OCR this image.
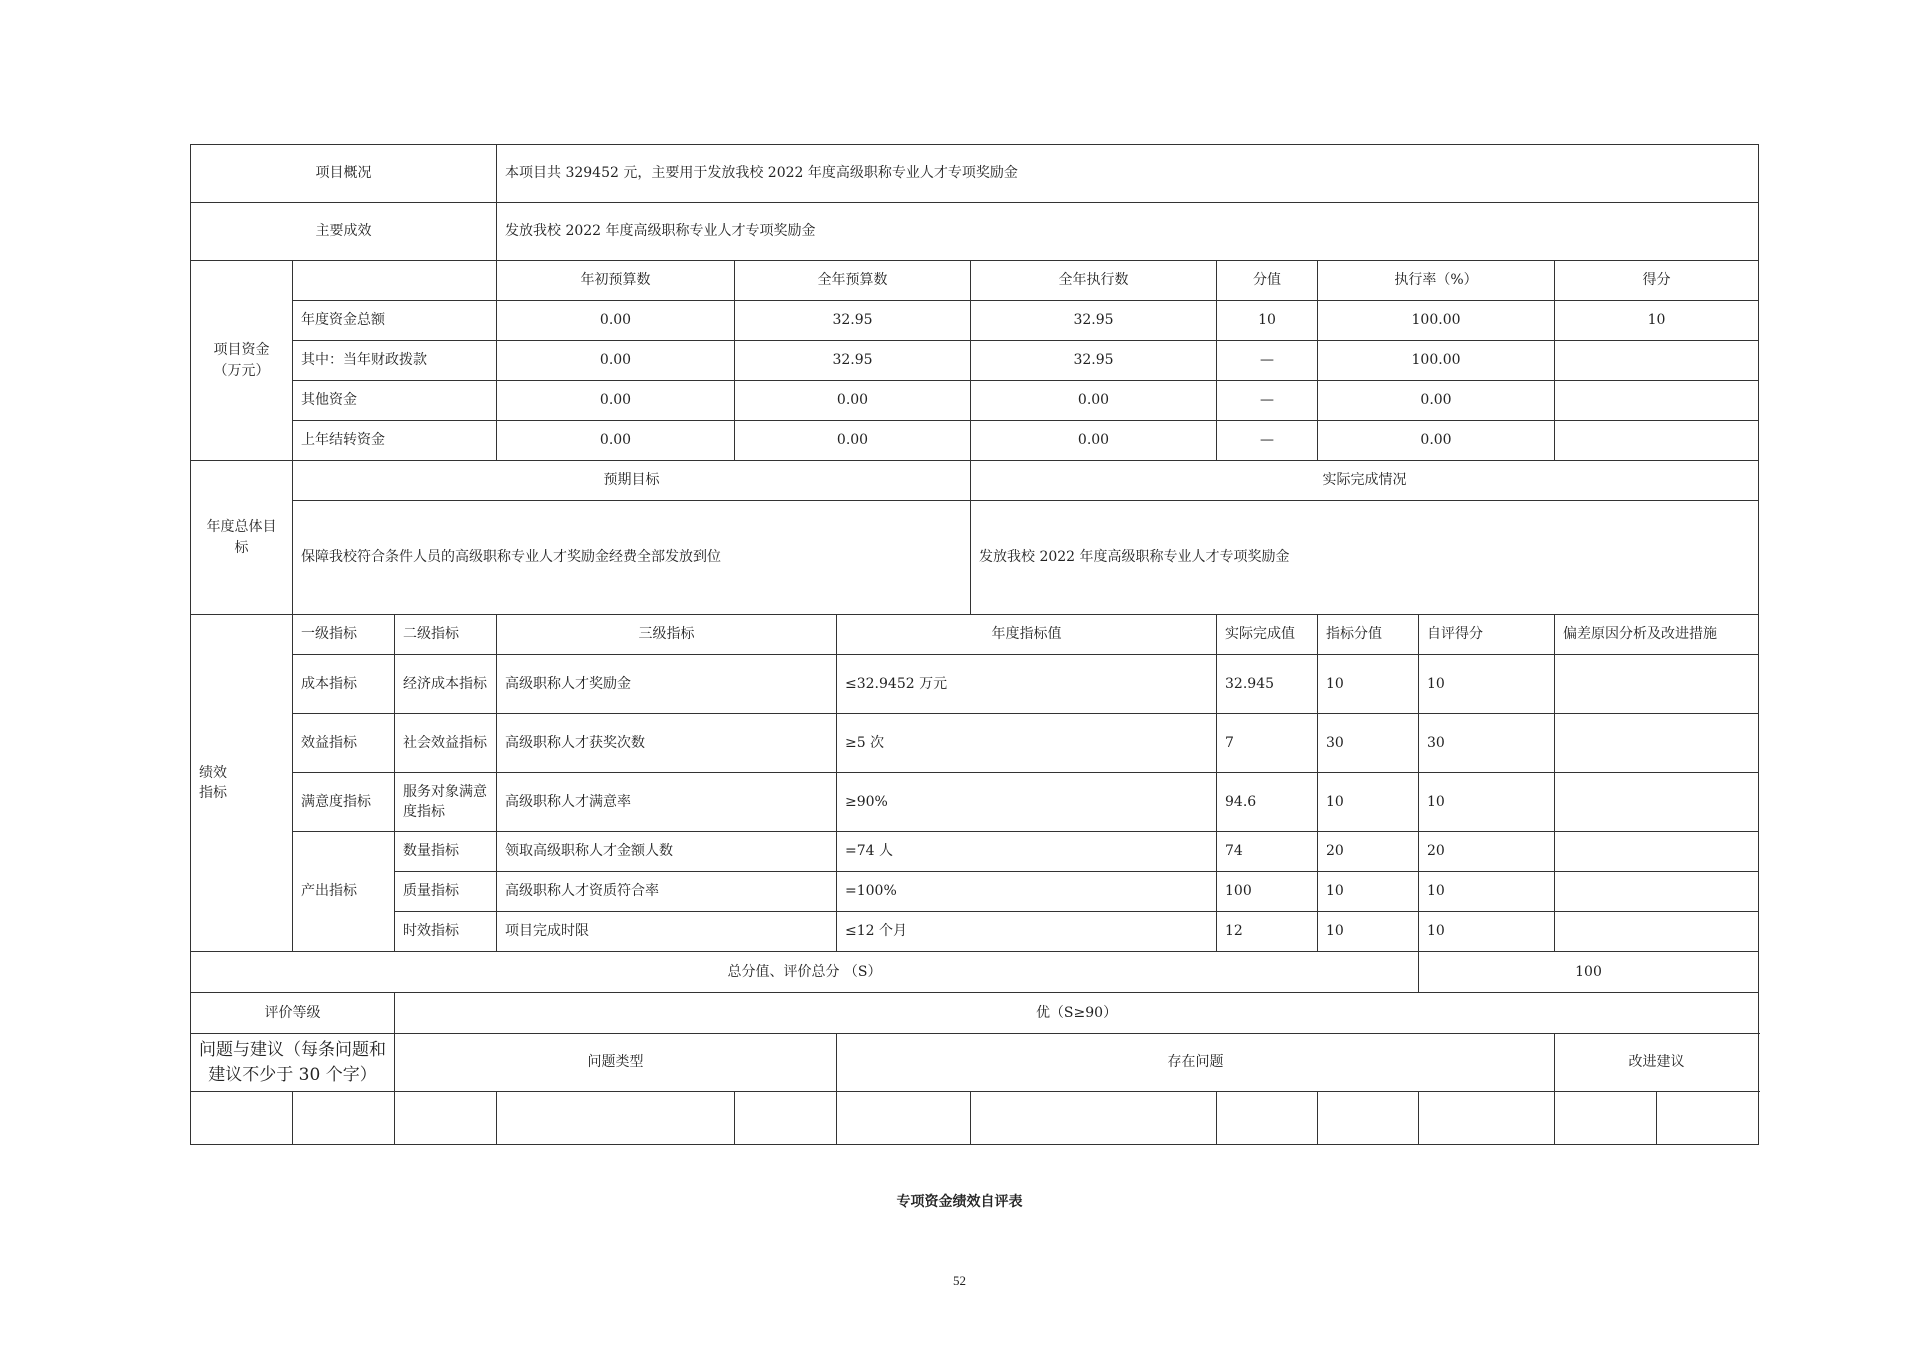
项目概况			本项目共 329452 元，主要用于发放我校 2022 年度高级职称专业人才专项奖励金								
主要成效			发放我校 2022 年度高级职称专业人才专项奖励金								
项目资金
（万元）			年初预算数	全年预算数		全年执行数	分值	执行率（%）		得分	
	年度资金总额		0.00	32.95		32.95	10	100.00		10	
	其中：当年财政拨款		0.00	32.95		32.95	—	100.00			
	其他资金		0.00	0.00		0.00	—	0.00			
	上年结转资金		0.00	0.00		0.00	—	0.00			
年度总体目
标	预期目标					实际完成情况					
	保障我校符合条件人员的高级职称专业人才奖励金经费全部发放到位					发放我校 2022 年度高级职称专业人才专项奖励金					
绩效
指标	一级指标	二级指标	三级指标		年度指标值		实际完成值	指标分值	自评得分	偏差原因分析及改进措施	
	成本指标	经济成本指标	高级职称人才奖励金		≤32.9452 万元		32.945	10	10		
	效益指标	社会效益指标	高级职称人才获奖次数		≥5 次		7	30	30		
	满意度指标	服务对象满意度指标	高级职称人才满意率		≥90%		94.6	10	10		
	产出指标	数量指标	领取高级职称人才金额人数		=74 人		74	20	20		
		质量指标	高级职称人才资质符合率		=100%		100	10	10		
		时效指标	项目完成时限		≤12 个月		12	10	10		
总分值、评价总分 （S）									100		
评价等级		优（S≥90）									
问题与建议（每条问题和建议不少于 30 个字）		问题类型			存在问题					改进建议	

专项资金绩效自评表
52
